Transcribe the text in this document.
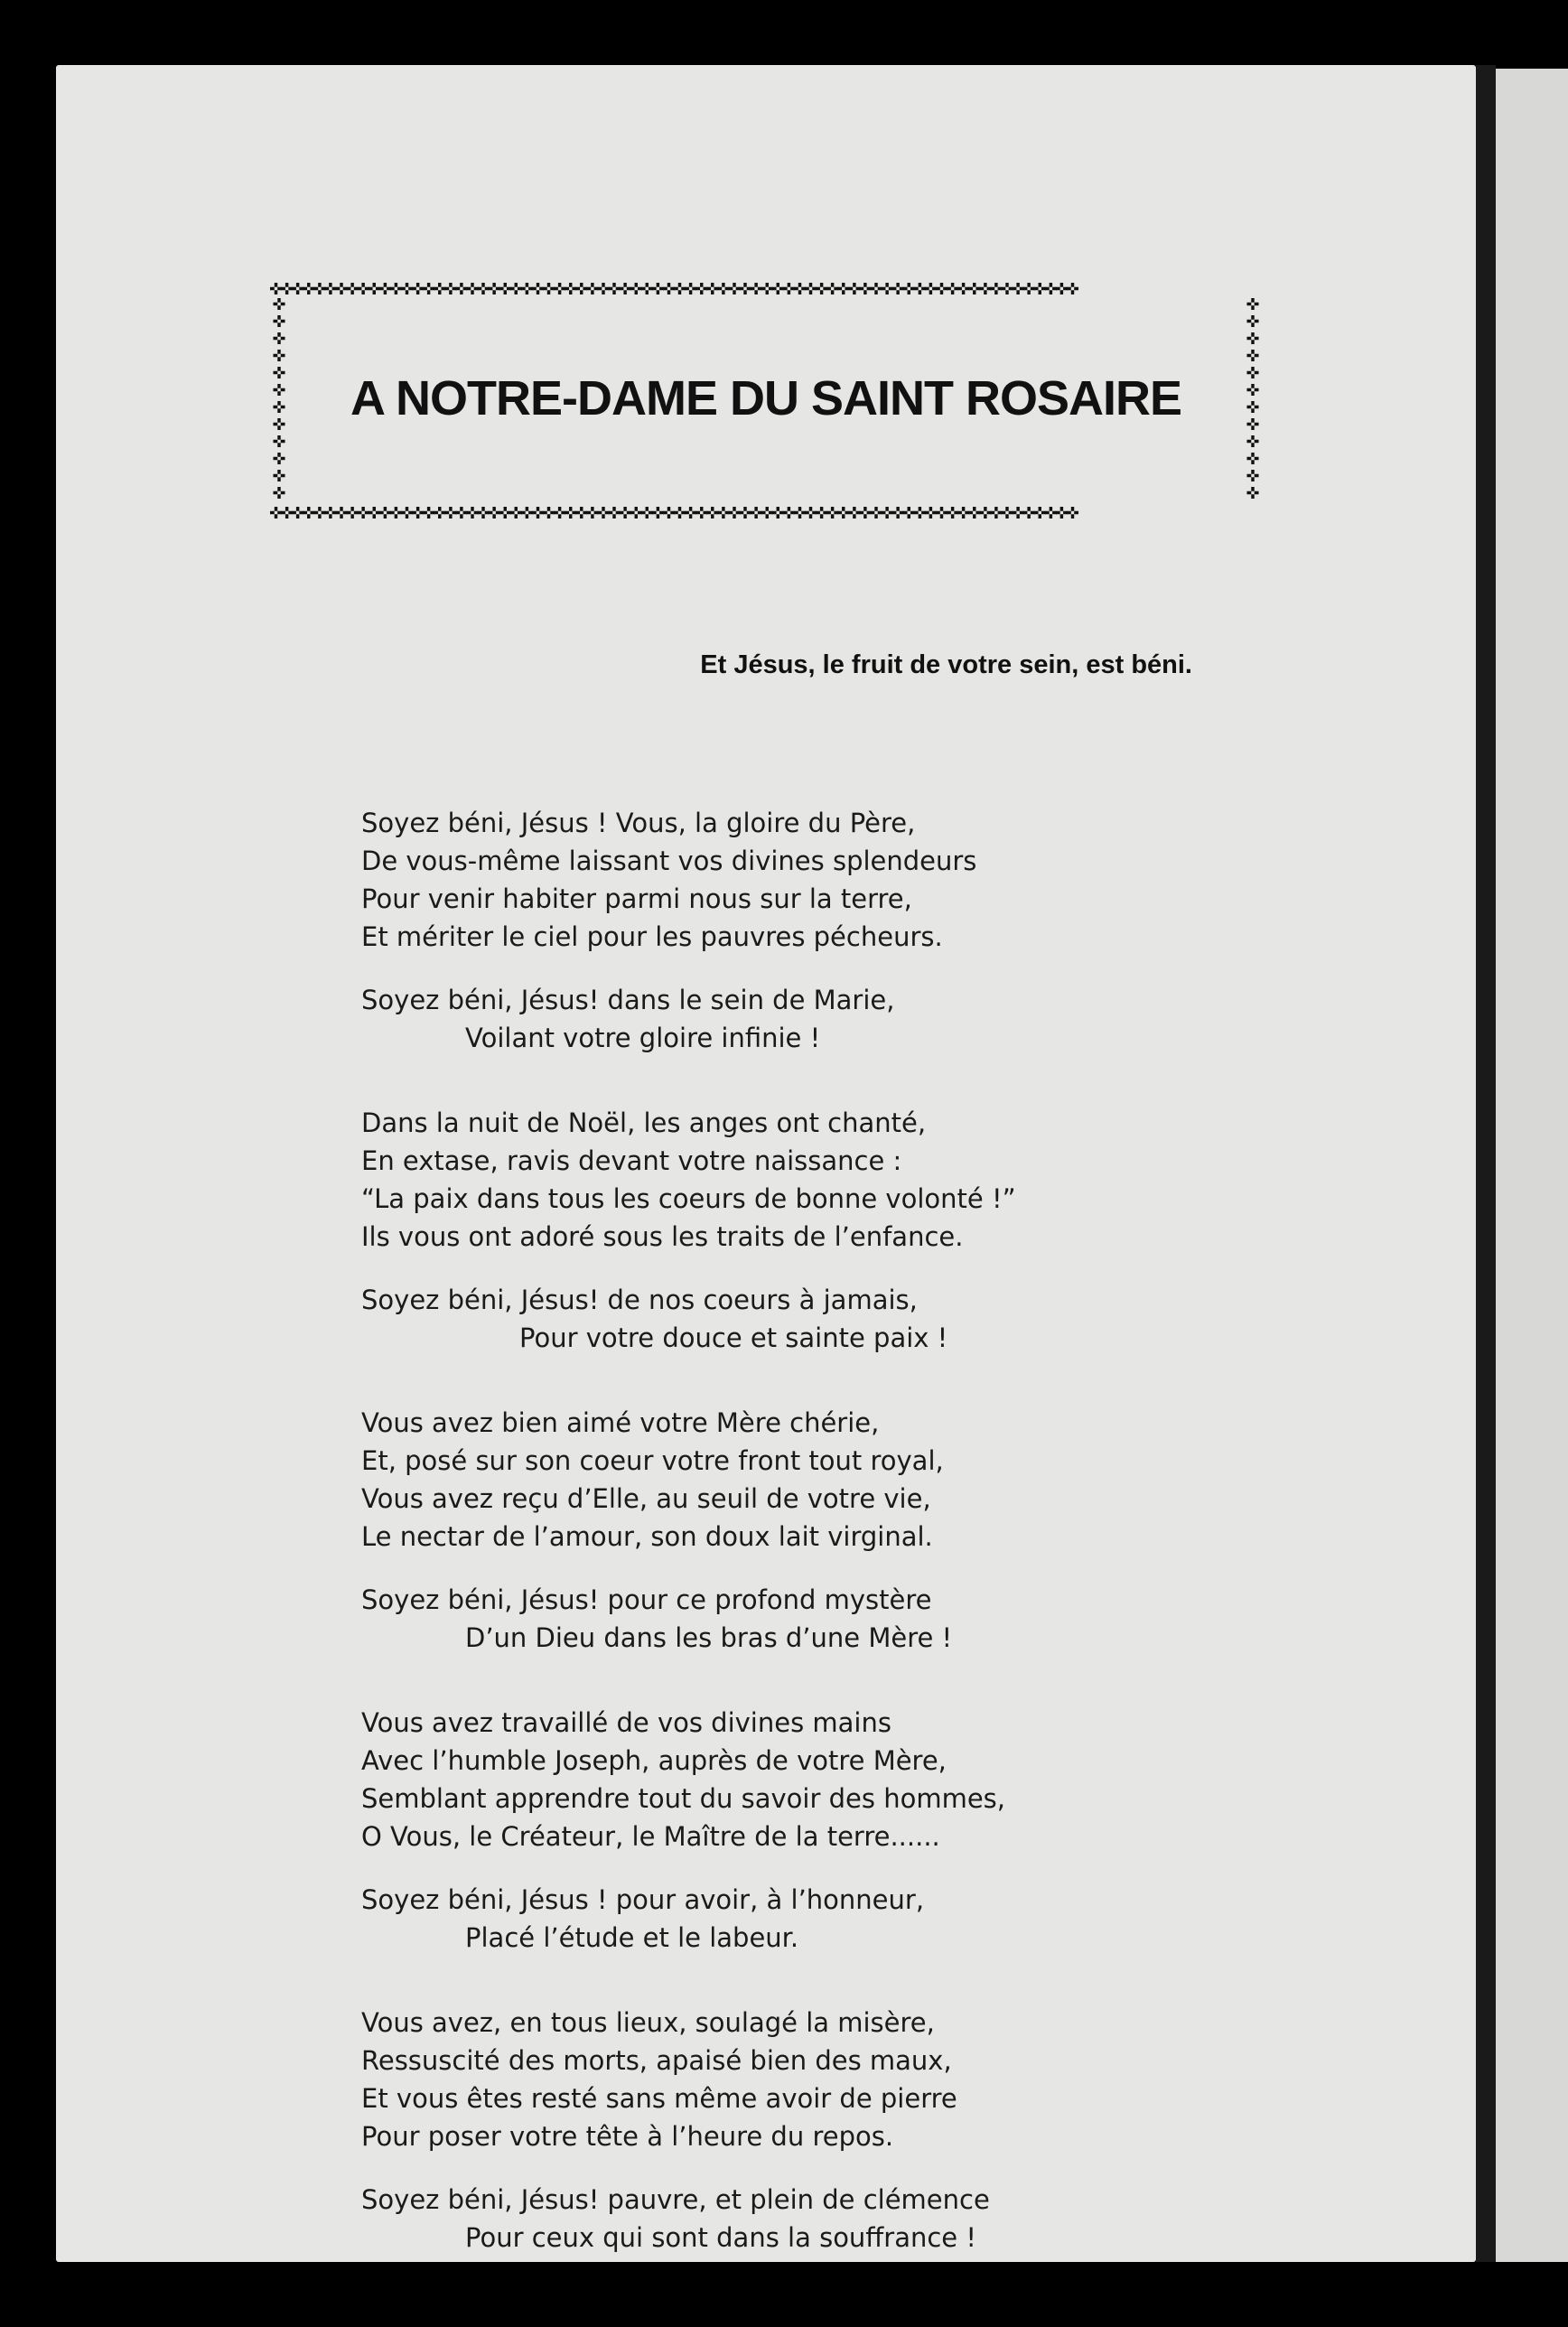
✜✜✜✜✜✜✜✜✜✜✜✜✜✜✜✜✜✜✜✜✜✜✜✜✜✜✜✜✜✜✜✜✜✜✜✜✜✜✜✜✜✜✜✜✜✜✜✜✜✜✜✜✜✜✜✜✜✜✜✜✜✜✜✜✜✜✜✜✜✜✜✜✜✜
✜
✜
✜
✜
✜
✜
✜
✜
✜
✜
✜
✜
✜
✜
✜
✜
✜
✜
✜
✜
✜
✜
✜
✜
✜✜✜✜✜✜✜✜✜✜✜✜✜✜✜✜✜✜✜✜✜✜✜✜✜✜✜✜✜✜✜✜✜✜✜✜✜✜✜✜✜✜✜✜✜✜✜✜✜✜✜✜✜✜✜✜✜✜✜✜✜✜✜✜✜✜✜✜✜✜✜✜✜✜
A NOTRE-DAME DU SAINT ROSAIRE
Et Jésus, le fruit de votre sein, est béni.
Soyez béni, Jésus ! Vous, la gloire du Père,
De vous-même laissant vos divines splendeurs
Pour venir habiter parmi nous sur la terre,
Et mériter le ciel pour les pauvres pécheurs.
Soyez béni, Jésus! dans le sein de Marie,
Voilant votre gloire infinie !
Dans la nuit de Noël, les anges ont chanté,
En extase, ravis devant votre naissance :
“La paix dans tous les coeurs de bonne volonté !”
Ils vous ont adoré sous les traits de l’enfance.
Soyez béni, Jésus! de nos coeurs à jamais,
Pour votre douce et sainte paix !
Vous avez bien aimé votre Mère chérie,
Et, posé sur son coeur votre front tout royal,
Vous avez reçu d’Elle, au seuil de votre vie,
Le nectar de l’amour, son doux lait virginal.
Soyez béni, Jésus! pour ce profond mystère
D’un Dieu dans les bras d’une Mère !
Vous avez travaillé de vos divines mains
Avec l’humble Joseph, auprès de votre Mère,
Semblant apprendre tout du savoir des hommes,
O Vous, le Créateur, le Maître de la terre......
Soyez béni, Jésus ! pour avoir, à l’honneur,
Placé l’étude et le labeur.
Vous avez, en tous lieux, soulagé la misère,
Ressuscité des morts, apaisé bien des maux,
Et vous êtes resté sans même avoir de pierre
Pour poser votre tête à l’heure du repos.
Soyez béni, Jésus! pauvre, et plein de clémence
Pour ceux qui sont dans la souffrance !
